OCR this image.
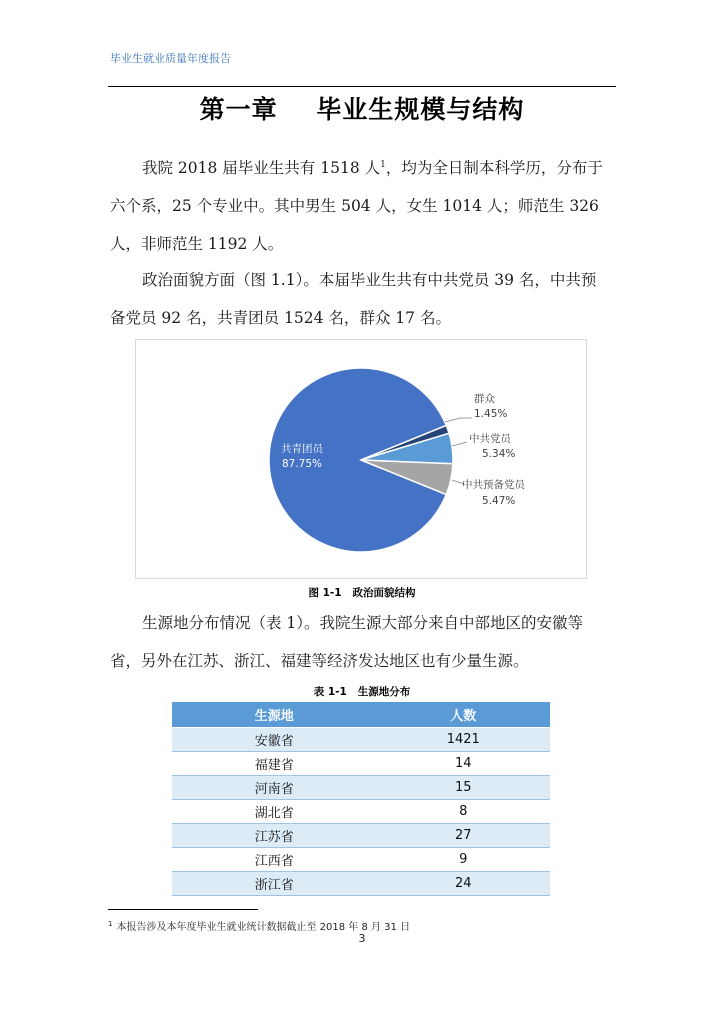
毕业生就业质量年度报告
第一章    毕业生规模与结构

我院 2018 届毕业生共有 1518 人$^1$，均为全日制本科学历，分布于六个系，25 个专业中。其中男生 504 人，女生 1014 人；师范生 326 人，非师范生 1192 人。

政治面貌方面（图 1.1）。本届毕业生共有中共党员 39 名，中共预备党员 92 名，共青团员 1524 名，群众 17 名。

共青团员
87.75%
群众
1.45%
中共党员
5.34%
中共预备党员
5.47%
图 1-1 政治面貌结构

生源地分布情况（表 1）。我院生源大部分来自中部地区的安徽等省，另外在江苏、浙江、福建等经济发达地区也有少量生源。

表 1-1 生源地分布
生源地	人数
安徽省	1421
福建省	14
河南省	15
湖北省	8
江苏省	27
江西省	9
浙江省	24
$^1$ 本报告涉及本年度毕业生就业统计数据截止至 2018 年 8 月 31 日
3
